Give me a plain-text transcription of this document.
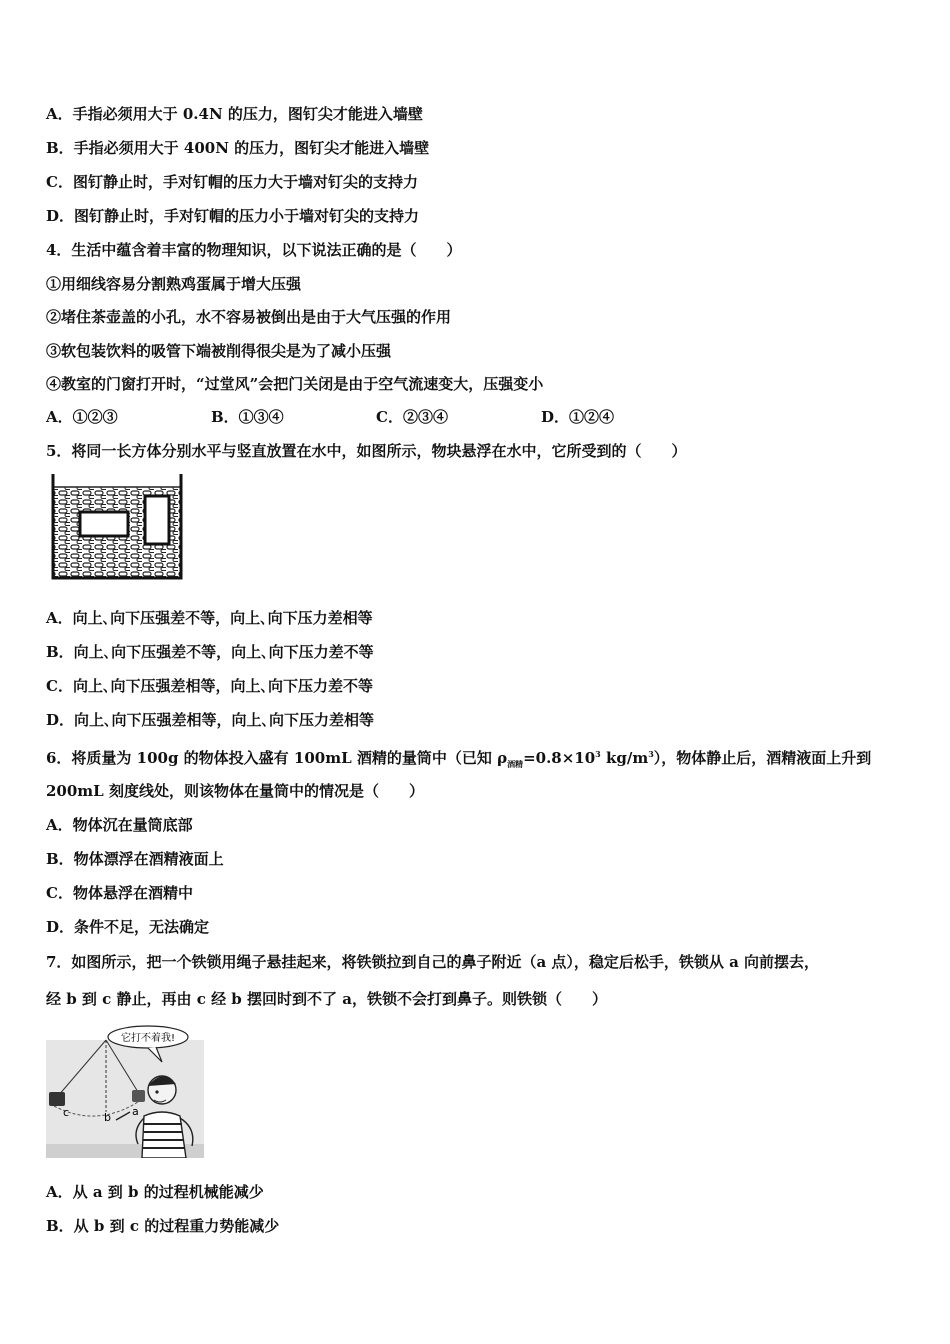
A．手指必须用大于 0.4N 的压力，图钉尖才能进入墙壁
B．手指必须用大于 400N 的压力，图钉尖才能进入墙壁
C．图钉静止时，手对钉帽的压力大于墙对钉尖的支持力
D．图钉静止时，手对钉帽的压力小于墙对钉尖的支持力
4．生活中蕴含着丰富的物理知识，以下说法正确的是（　　）
①用细线容易分割熟鸡蛋属于增大压强
②堵住茶壶盖的小孔，水不容易被倒出是由于大气压强的作用
③软包装饮料的吸管下端被削得很尖是为了减小压强
④教室的门窗打开时，“过堂风”会把门关闭是由于空气流速变大，压强变小
A．①②③	B．①③④	C．②③④	D．①②④
5．将同一长方体分别水平与竖直放置在水中，如图所示，物块悬浮在水中，它所受到的（　　）
A．向上､向下压强差不等，向上､向下压力差相等
B．向上､向下压强差不等，向上､向下压力差不等
C．向上､向下压强差相等，向上､向下压力差不等
D．向上､向下压强差相等，向上､向下压力差相等
6．将质量为 100g 的物体投入盛有 100mL 酒精的量筒中（已知 $\rho_{酒精}=0.8\times 10^3$ $kg/m^3$），物体静止后，酒精液面上升到
200mL 刻度线处，则该物体在量筒中的情况是（　　）
A．物体沉在量筒底部
B．物体漂浮在酒精液面上
C．物体悬浮在酒精中
D．条件不足，无法确定
7．如图所示，把一个铁锁用绳子悬挂起来，将铁锁拉到自己的鼻子附近（a 点），稳定后松手，铁锁从 a 向前摆去，
经 b 到 c 静止，再由 c 经 b 摆回时到不了 a，铁锁不会打到鼻子。则铁锁（　　）
它打不着我!
c	b a
A．从 a 到 b 的过程机械能减少
B．从 b 到 c 的过程重力势能减少
